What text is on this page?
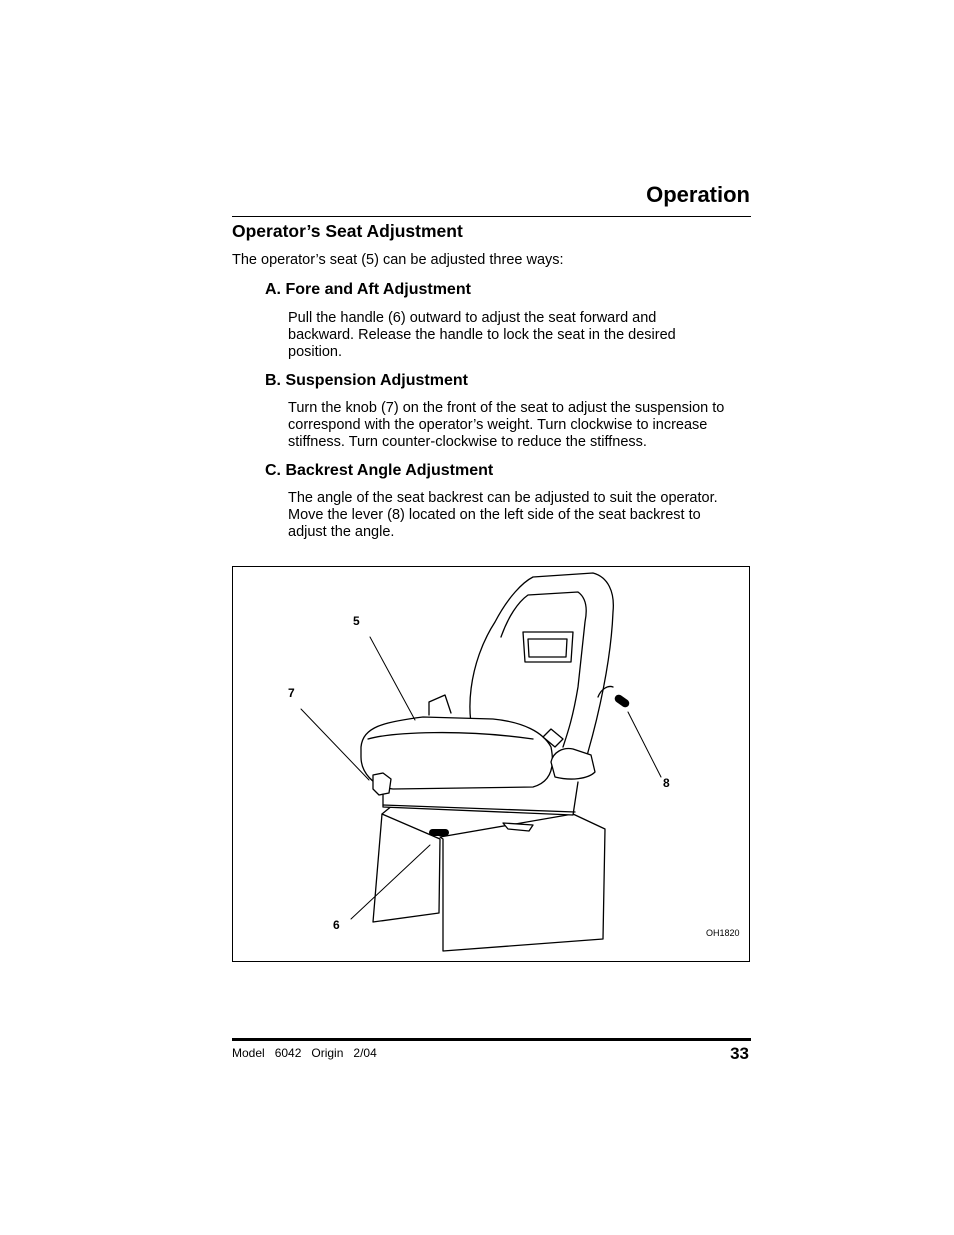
Operation
Operator’s Seat Adjustment

The operator’s seat (5) can be adjusted three ways:

A. Fore and Aft Adjustment
Pull the handle (6) outward to adjust the seat forward and
backward. Release the handle to lock the seat in the desired
position.
B. Suspension Adjustment
Turn the knob (7) on the front of the seat to adjust the suspension to
correspond with the operator’s weight. Turn clockwise to increase
stiffness. Turn counter-clockwise to reduce the stiffness.
C. Backrest Angle Adjustment
The angle of the seat backrest can be adjusted to suit the operator.
Move the lever (8) located on the left side of the seat backrest to
adjust the angle.
5
7
8
6
OH1820
Model 6042 Origin 2/04	33
